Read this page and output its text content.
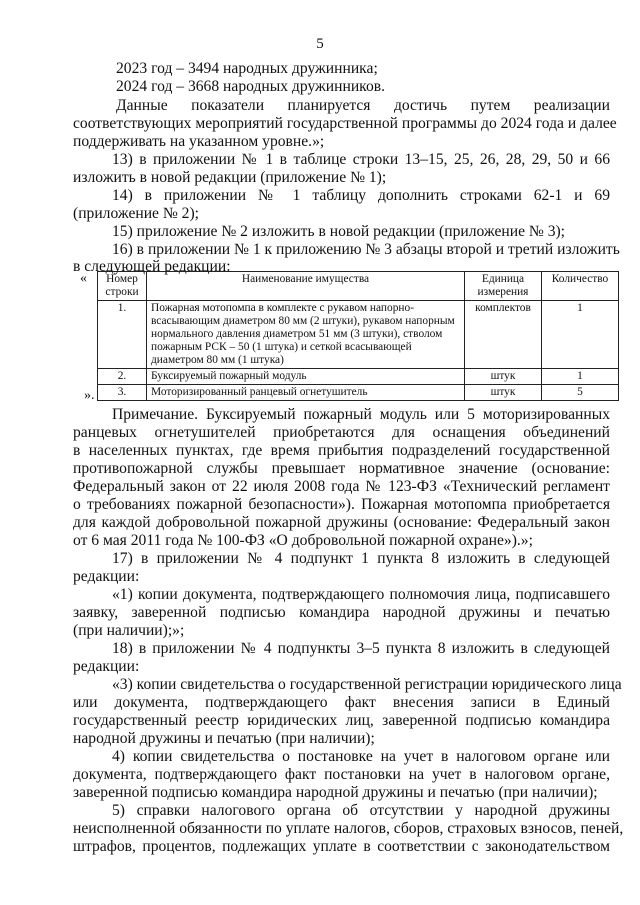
5
2023 год – 3494 народных дружинника;
2024 год – 3668 народных дружинников.
Данные показатели планируется достичь путем реализации
соответствующих мероприятий государственной программы до 2024 года и далее
поддерживать на указанном уровне.»;
13) в приложении № 1 в таблице строки 13–15, 25, 26, 28, 29, 50 и 66
изложить в новой редакции (приложение № 1);
14) в приложении № 1 таблицу дополнить строками 62-1 и 69
(приложение № 2);
15) приложение № 2 изложить в новой редакции (приложение № 3);
16) в приложении № 1 к приложению № 3 абзацы второй и третий изложить
в следующей редакции:
« Номер строки	Наименование имущества	Единица измерения	Количество
1.	Пожарная мотопомпа в комплекте с рукавом напорно-всасывающим диаметром 80 мм (2 штуки), рукавом напорным нормального давления диаметром 51 мм (3 штуки), стволом пожарным РСК – 50 (1 штука) и сеткой всасывающей диаметром 80 мм (1 штука)	комплектов	1
2.	Буксируемый пожарный модуль	штук	1
3.	Моторизированный ранцевый огнетушитель	штук	5
».
Примечание. Буксируемый пожарный модуль или 5 моторизированных
ранцевых огнетушителей приобретаются для оснащения объединений
в населенных пунктах, где время прибытия подразделений государственной
противопожарной службы превышает нормативное значение (основание:
Федеральный закон от 22 июля 2008 года № 123-ФЗ «Технический регламент
о требованиях пожарной безопасности»). Пожарная мотопомпа приобретается
для каждой добровольной пожарной дружины (основание: Федеральный закон
от 6 мая 2011 года № 100-ФЗ «О добровольной пожарной охране»).»;
17) в приложении № 4 подпункт 1 пункта 8 изложить в следующей
редакции:
«1) копии документа, подтверждающего полномочия лица, подписавшего
заявку, заверенной подписью командира народной дружины и печатью
(при наличии);»;
18) в приложении № 4 подпункты 3–5 пункта 8 изложить в следующей
редакции:
«3) копии свидетельства о государственной регистрации юридического лица
или документа, подтверждающего факт внесения записи в Единый
государственный реестр юридических лиц, заверенной подписью командира
народной дружины и печатью (при наличии);
4) копии свидетельства о постановке на учет в налоговом органе или
документа, подтверждающего факт постановки на учет в налоговом органе,
заверенной подписью командира народной дружины и печатью (при наличии);
5) справки налогового органа об отсутствии у народной дружины
неисполненной обязанности по уплате налогов, сборов, страховых взносов, пеней,
штрафов, процентов, подлежащих уплате в соответствии с законодательством
